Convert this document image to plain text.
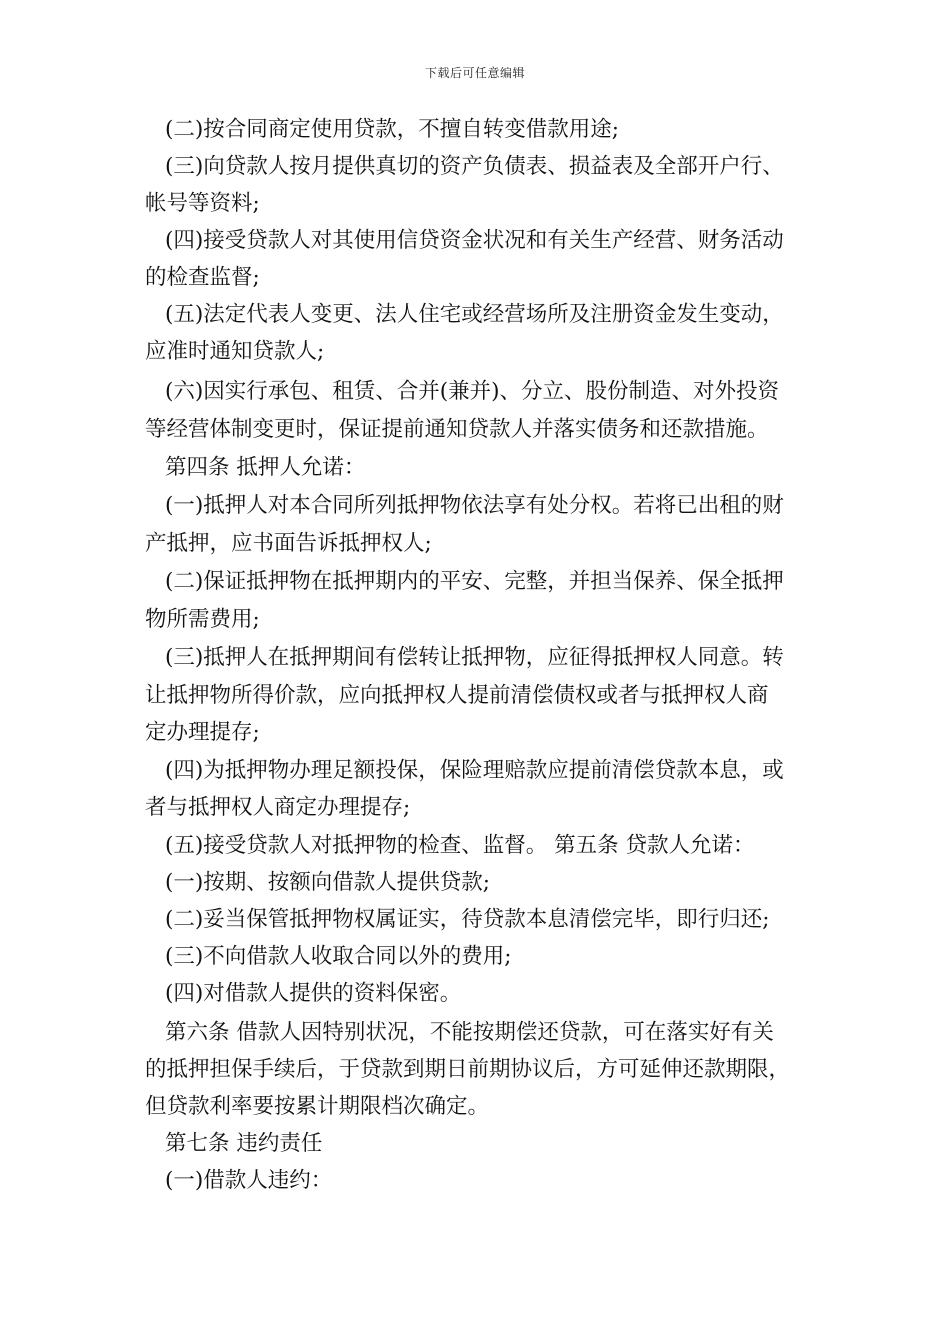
下载后可任意编辑
(二)按合同商定使用贷款，不擅自转变借款用途;
(三)向贷款人按月提供真切的资产负债表、损益表及全部开户行、
帐号等资料;
(四)接受贷款人对其使用信贷资金状况和有关生产经营、财务活动
的检查监督;
(五)法定代表人变更、法人住宅或经营场所及注册资金发生变动，
应准时通知贷款人;
(六)因实行承包、租赁、合并(兼并)、分立、股份制造、对外投资
等经营体制变更时，保证提前通知贷款人并落实债务和还款措施。
第四条 抵押人允诺：
(一)抵押人对本合同所列抵押物依法享有处分权。若将已出租的财
产抵押，应书面告诉抵押权人;
(二)保证抵押物在抵押期内的平安、完整，并担当保养、保全抵押
物所需费用;
(三)抵押人在抵押期间有偿转让抵押物，应征得抵押权人同意。转
让抵押物所得价款，应向抵押权人提前清偿债权或者与抵押权人商
定办理提存;
(四)为抵押物办理足额投保，保险理赔款应提前清偿贷款本息，或
者与抵押权人商定办理提存;
(五)接受贷款人对抵押物的检查、监督。 第五条 贷款人允诺：
(一)按期、按额向借款人提供贷款;
(二)妥当保管抵押物权属证实，待贷款本息清偿完毕，即行归还;
(三)不向借款人收取合同以外的费用;
(四)对借款人提供的资料保密。
第六条 借款人因特别状况，不能按期偿还贷款，可在落实好有关
的抵押担保手续后，于贷款到期日前期协议后，方可延伸还款期限，
但贷款利率要按累计期限档次确定。
第七条 违约责任
(一)借款人违约：
